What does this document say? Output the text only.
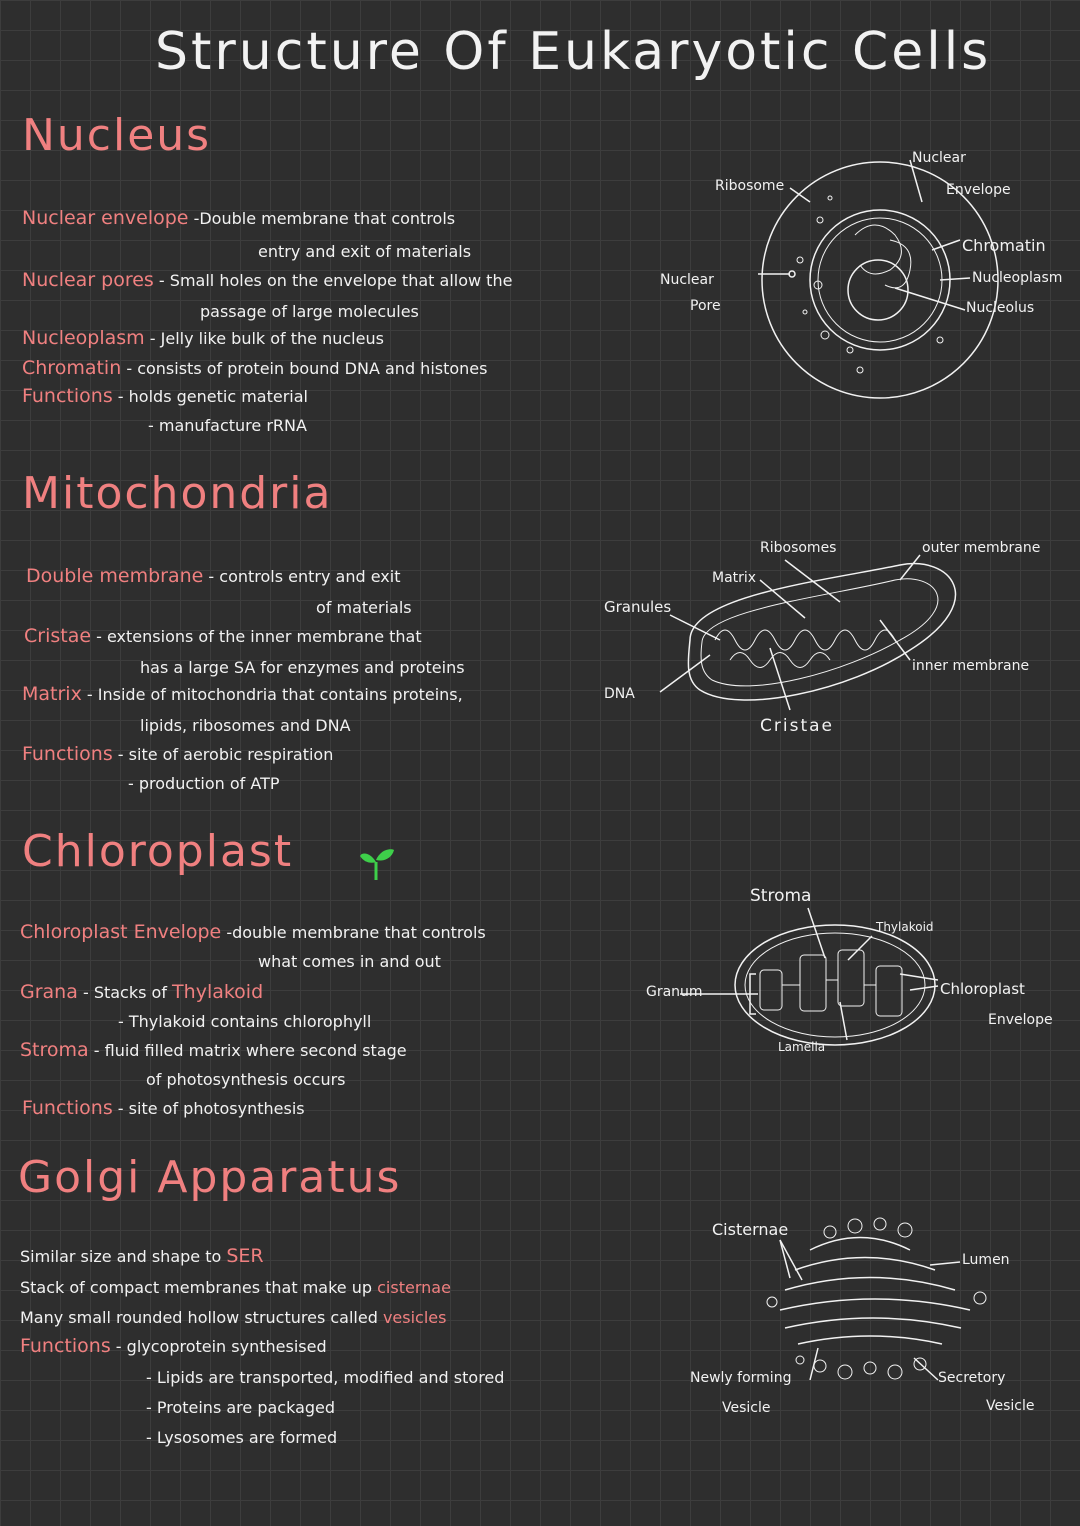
Structure Of Eukaryotic Cells
Nucleus
Nuclear envelope -Double membrane that controls
entry and exit of materials
Nuclear pores - Small holes on the envelope that allow the
passage of large molecules
Nucleoplasm - Jelly like bulk of the nucleus
Chromatin - consists of protein bound DNA and histones
Functions - holds genetic material
- manufacture rRNA
Ribosome
Nuclear
Envelope
Chromatin
Nucleoplasm
Nucleolus
Nuclear
Pore
Mitochondria
Double membrane - controls entry and exit
of materials
Cristae - extensions of the inner membrane that
has a large SA for enzymes and proteins
Matrix - Inside of mitochondria that contains proteins,
lipids, ribosomes and DNA
Functions - site of aerobic respiration
- production of ATP
Ribosomes	outer membrane
Matrix
Granules
inner membrane
DNA
Cristae
Chloroplast
Chloroplast Envelope -double membrane that controls
what comes in and out
Grana - Stacks of Thylakoid
- Thylakoid contains chlorophyll
Stroma - fluid filled matrix where second stage
of photosynthesis occurs
Functions - site of photosynthesis
Stroma
Thylakoid
Granum	Chloroplast
Envelope
Lamella
Golgi Apparatus
Similar size and shape to SER
Stack of compact membranes that make up cisternae
Many small rounded hollow structures called vesicles
Functions - glycoprotein synthesised
- Lipids are transported, modified and stored
- Proteins are packaged
- Lysosomes are formed
Cisternae
Lumen
Newly forming
Vesicle
Secretory
Vesicle
